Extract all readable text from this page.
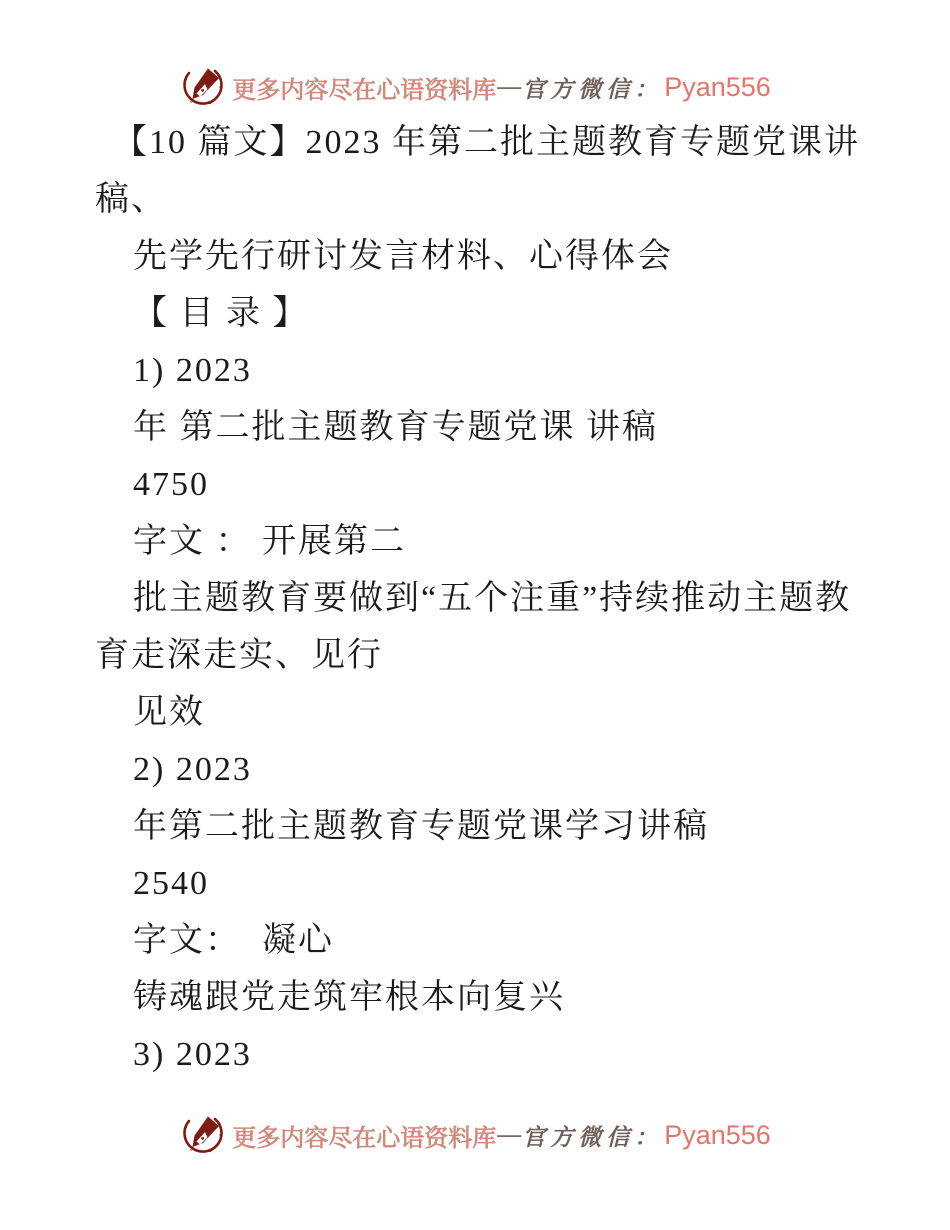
更多内容尽在心语资料库 — 官方微信： Pyan556
【10 篇文】2023 年第二批主题教育专题党课讲
稿、
先学先行研讨发言材料、心得体会
【 目 录 】
1) 2023
年 第二批主题教育专题党课 讲稿
4750
字文 ： 开展第二
批主题教育要做到“五个注重”持续推动主题教
育走深走实、见行
见效
2) 2023
年第二批主题教育专题党课学习讲稿
2540
字文：  凝心
铸魂跟党走筑牢根本向复兴
3) 2023
更多内容尽在心语资料库 — 官方微信： Pyan556
